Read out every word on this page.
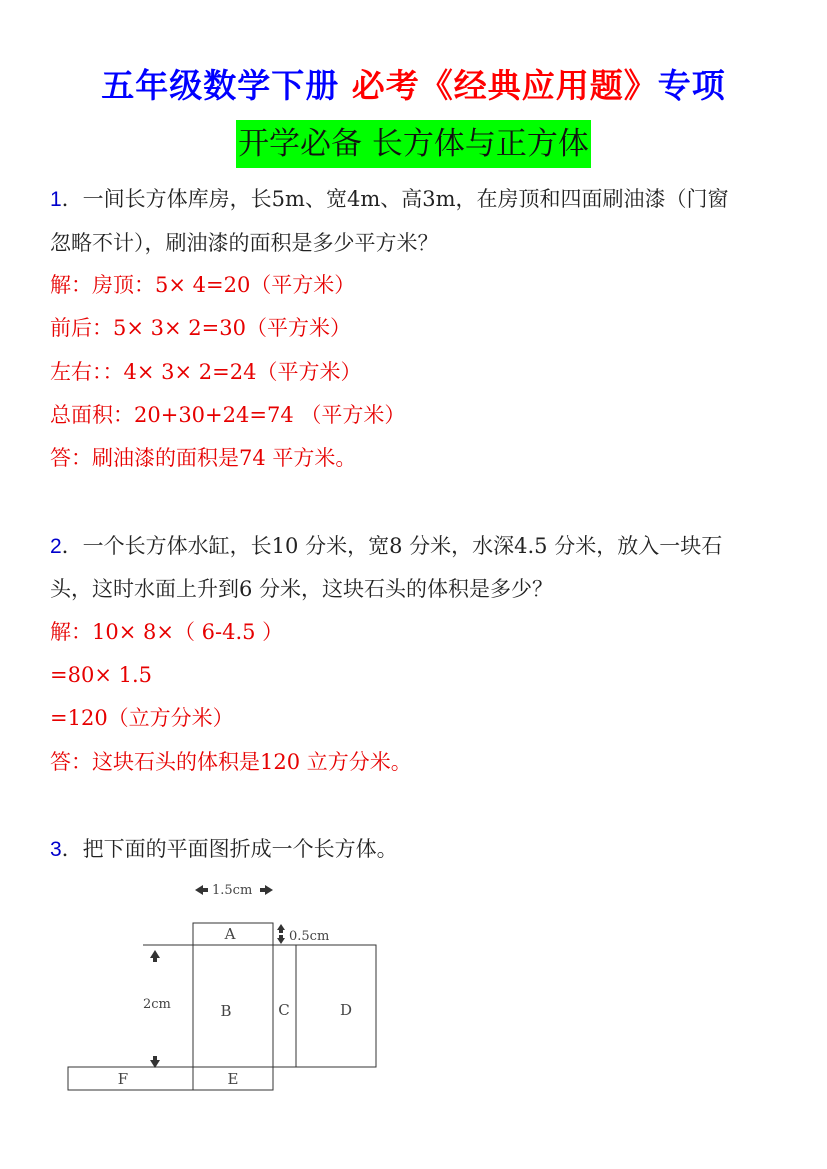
五年级数学下册 必考《经典应用题》专项
开学必备 长方体与正方体
1．一间长方体库房，长5m、宽4m、高3m，在房顶和四面刷油漆（门窗
忽略不计），刷油漆的面积是多少平方米？
解：房顶：5× 4=20（平方米）
前后：5× 3× 2=30（平方米）
左右：：4× 3× 2=24（平方米）
总面积：20+30+24=74 （平方米）
答：刷油漆的面积是74 平方米。
2．一个长方体水缸，长10 分米，宽8 分米，水深4.5 分米，放入一块石
头，这时水面上升到6 分米，这块石头的体积是多少？
解：10× 8×（ 6-4.5 ）
=80× 1.5
=120（立方分米）
答：这块石头的体积是120 立方分米。
3．把下面的平面图折成一个长方体。
1.5cm
0.5cm
2cm
A
B	C	D
E
F
